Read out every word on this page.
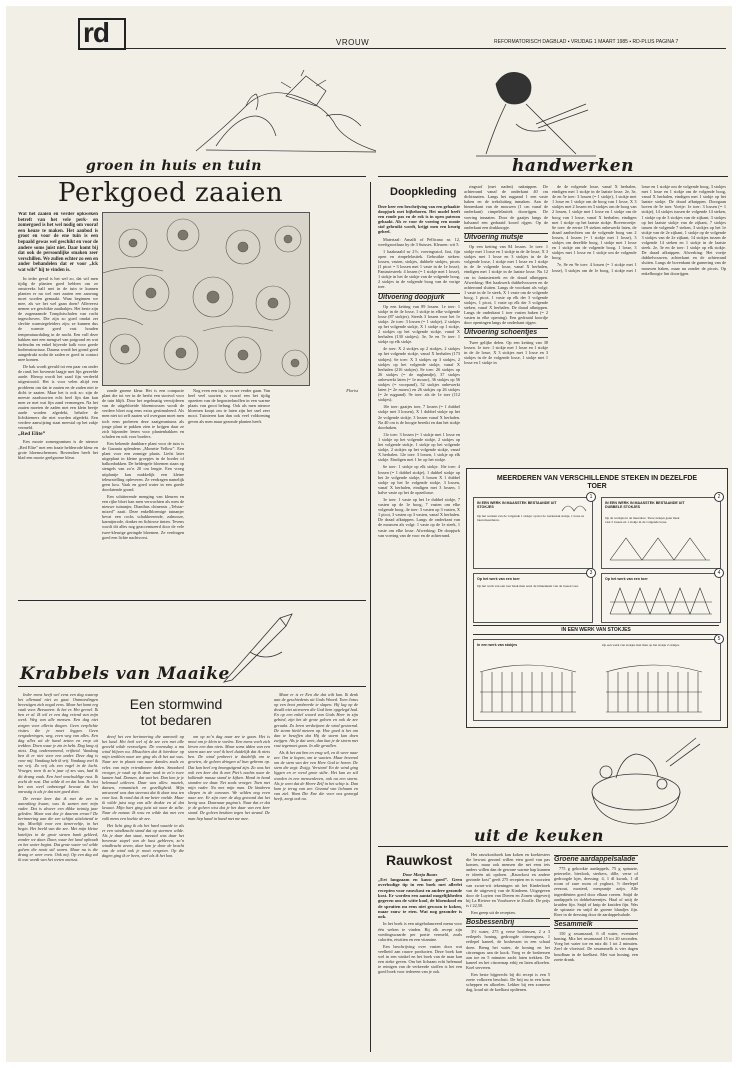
rd	VROUW	REFORMATORISCH DAGBLAD ▪ VRIJDAG 1 MAART 1985 ▪ RD-PLUS PAGINA 7
groen in huis en tuin
Perkgoed zaaien

Wat het zaaien en verder opkweken betreft van het vele perk- en zomergoed is het wel nodig om vooraf een keuze te maken. Het aanbod is groot en voor de ene tuin is een bepaald gewas wel geschikt en voor de andere soms juist niet. Daar komt bij dat ook de persoonlijke smaken zeer verschillen. We zullen echter zo een en ander behandelen dat er voor „lck wat wils” hij te vinden is.

In ieder geval is het wel zo, dat wil men tijdig de planten goed hebben om ze omstreeks half mei in de tuin te kunnen planten er nu wel met zaaien een aanvang moet worden gemaakt. Waar beginnen we mee, als we het wel gaan doen? Allereerst nemen we geschikte zaaibakjes. Het beste zijn de zogenaamde Tomplotschalen van rucht ingeschoven. Die zijn zo goed omdat zet slechte warmtegeleiders zijn; ze kunnen dus de warmte goed vast houden temperatuurdaling in de nacht. Een vull deze bakken met een mengsel van potgrond en wat turfmolm en enkel bijverde kalk voor goede bodemstructuur. Daarna wordt het grond goed aangedrukt zodat de zaden er goed in contact mee komen.

De bak wordt gevuld tot een paar cm onder de rand, het bovenste laagje met fijn gezeefde aarde. Hierop wordt het zaad fijn verdeeld uitgestrooid. Het is voor velen altijd een probleem om dat te zaaien en de zaden niet te dicht te zaaien. Maar het is ook zo: zijn de meeste zaadsoorten echt heel fijn dan kan men ze met wat fijn zand vermengen. Na het zaaien moeten de zaden met een klein beetje aarde worden afgedekt, behalve de lichtkiemers die niet worden afgedekt. Een verdere aanwijzing staat meestal op het zakje vermeld.

„Red Elite”

Een mooie zomergranium is de nieuwe „Red Elite” met een fraaie helderrode kleur en grote bloemschermen. Bovendien heeft het blad een mooie geelgroene kleur.

zonde groene kleur. Het is een compacte plant die tot ver in de herfst een stortvol voor de tuin blijft. Door het regelmatig verwijderen van de uitgebloeide bloemtrossen wordt de verdere bloei nog eens extra gestimuleerd. Als men niet tot zelf zaaien wil overgaan moet men toch eens proberen deze zaaigeraniums als jonge plant te pakken zien te krijgen daar ze zich bijzonder lenen voor plantenbakken en schalen en ook voor borders.

Een bekende dankbare plant voor de tuin is de Gazania splendens „Monette Yellow”. Een plant voor een zonnige plaats. Liefst later uitgeplant in kleine groepjes in de border of balkonbakken. De heldergele bloemen staan op stengels van zo’n 20 cm lengte. Een vroeg uitplantje kan makkelijk een kleine teleurstelling opleveren. Ze verdragen namelijk geen kou. Vaak en goed water in een goede doorlatende grond.

Een schitterende menging van kleuren en een rijke bloei kan men verwachten als men de nieuwe tuinanjer, Dianthus chinensis „Telstar-mixed” zaait. Deze enkelbloemige tuinanjer bevat een rocks schakkeerende, zalmroze, karmijnrode, donker en lichtrose tinten. Tevens wordt dit alles nog geaccentueerd door de vele twee-kleurige geringde bloemen. Ze verdragen goed een lichte nachtvorst.

Nog even een tip, voor we verder gaan. Van heel veel soorten is vooral een het tijdig opzetten van de begonierknollen in een warme plaats van groot belang. Ook als men nieuwe bloemen koopt om te laten zijn het snel zeer mooi. Tuinieren kan dan ook veel voldoening geven als men maar gezonde planten heeft.

Florist

handwerken
Doopkleding

Deze keer een beschrijving van een gehaakte doopjurk met bijbehoren. Het model heeft een ronde pas en de rok is in open patroon gehaakt. Als er voor de voering een mooie stof gebruikt wordt, krijgt men een keurig geheel.

Materiaal: Amalfi of Pellicano nr. 12, weeftgroothaar by de 3 Suisses. Kleuren: wit 5.

1 haaknaald nr 2½, voeringsstof, lint, fijn open en rimpelelastiek. Gebruikte steken: lossen, vasten, stokjes, dubbele stokjes, picots (1 picot = 3 lossen met 1 vaste in de 1e losse). Fantasiesteek: 4 lossen (= 1 stokje met 1 losse), 1 stokje in het 4e stokje van de volgende boog, 2 stokjes in de volgende boog van de vorige toer.

Uitvoering doopjurk

Op een ketting van 89 lossen. 1e toer: 1 stokje in de 4e losse, 1 stokje in elke volgende losse (87 stokjes). Steeds 3 lossen voor het 1e stokje. 2e toer: 3 lossen (= 1 stokje), 2 stokjes op het volgende stokje, X 1 stokje op 1 stokje, 2 stokjes op het volgende stokje, vanaf X herhalen (130 stokjes). 3e, 5e en 7e toer: 1 stokje op elk stokje.

4e toer: X 2 stokjes op 2 stokjes, 2 stokjes op het volgende stokje, vanaf X herhalen (173 stokjes). 6e toer: X 3 stokjes op 3 stokjes, 2 stokjes op het volgende stokje, vanaf X herhalen (216 stokjes). 8e toer: 26 stokjes op 26 stokjes (= de rugbandje), 37 stokjes onbewerkt laten (= 1e mouw), 36 stokjes op 56 stokjes (= voorpand), 52 stokjes onbewerkt laten (= 2e mouw) en 26 stokjes op 26 stokjes (= 2e rugpand). 9e toer: als de 1e toer (112 stokjes).

10e toer: gaatjes toer, 7 lossen (= 1 dubbel stokje met 3 lossen), X 1 dubbel stokje op het 2e volgende stokje, 3 lossen vanaf X herhalen. Na 40 cm is de hoogte bereikt en dan het stokje doorhaken.

11e toer: 3 lossen (= 1 stokje met 1 losse en 1 stokje op het volgende stokje, 2 stokjes op het volgende stokje, 1 stokje op het volgende stokje, 2 stokjes op het volgende stokje, vanaf X herhalen. 12e toer: 3 lossen, 1 stokje op elk stokje. Eindigen met 1 hv op het stokje.

6e toer: 1 stokje op elk stokje. 16e toer: 4 lossen (= 1 dubbel stokje), 1 dubbel stokje op het 2e volgende stokje, 3 lossen X 1 dubbel stokje op het 3e volgende stokje, 3 lossen, vanaf X herhalen, eindigen met 3 lossen, 1 halve vaste op het 4e opzetlosse.

3e toer: 1 vaste op het 1e dubbel stokje, 7 vasten op de 1e boog, 7 vasten om elke volgende boog. 4e toer: 3 vasten op 3 vasten, X 1 picot, 3 vasten op 3 vasten, vanaf X herhalen. De draad afknippen. Langs de onderkant van de mouwen als volgt: 1 vaste op de 1e steek, 1 vaste om elke losse. Afwerking: De doopjurk van voering van de voor en de achterrand.

ringstof (met naden) naknippen. De achterrand vanaf de onderkant 40 cm dichtnaaien. Langs het rugpand 1 een vaste haken en de treksluiting inmaken. Aan de binnenkant van de mouwen (1 cm vanaf de onderkant) rimpelelastiek doorrijgen. De voering innaaien. Door de gaatjes langs de halsrand een gedraaid koord rijgen. Op de onderkant een drukknopje.

Uitvoering mutsje

Op een ketting van 84 lossen. 1e toer: 1 stokje met 1 losse en 1 stokje in de 4e losse, X 3 stokjes met 1 losse en 3 stokjes in de 4e volgende losse, 1 stokje met 1 losse en 1 stokje in de 4e volgende losse, vanaf X herhalen, eindigen met 1 stokje in de laatste losse. Nu 12 cm in fantasiesteek en de draad afknippen. Afwerking: Het haakwerk dubbelvouwen en de achterrand sluiten. Langs de voorkant als volgt: 1 vaste in de 1e steek, X 1 vaste om de volgende boog, 1 picot, 1 vaste op elk der 3 volgende stokjes, 1 picot, 1 vaste op elk der 3 volgende steken, vanaf X herhalen. De draad afknippen. Langs de onderkant 1 toer vasten haken (= 2 vasten in elke opening). Een gedraaid koordje door openingen langs de onderkant rijgen.

Uitvoering schoentjes

Twee gelijke delen. Op een ketting van 38 lossen. 1e toer: 1 stokje met 1 losse en 1 stokje in de 4e losse, X 3 stokjes met 1 losse en 3 stokjes in de 4e volgende losse, 1 stokje met 1 losse en 1 stokje in

de 4e volgende losse, vanaf X herhalen, eindigen met 1 stokje in de laatste losse. 2e, 3e, 4e en 5e toer: 3 lossen (= 1 stokje), 1 stokje met 1 losse en 1 stokje om de boog van 1 losse, X 3 stokjes met 2 lossen en 3 stokjes om de boog van 2 lossen, 1 stokje met 1 losse en 1 stokje om de boog van 1 losse, vanaf X herhalen, eindigen met 1 stokje op het laatste stokje. Bovenvoetje: 6e toer: de eerste 19 steken onbewerkt laten, de draad aanhechten om de volgende boog van 2 lossen, 4 lossen (= 1 stokje met 1 losse), 3 stokjes om dezelfde boog, 1 stokje met 1 losse en 1 stokje om de volgende boog, 1 losse, 3 stokjes met 1 losse en 1 stokje om de volgende boog.

7e, 8e en 9e toer: 4 lossen (= 1 stokje met 1 losse), 3 stokjes om de 1e boog, 1 stokje met 1 losse en 1 stokje om de volgende boog, 3 stokjes met 1 losse en 1 stokje om de volgende boog, vanaf X herhalen, eindigen met 1 stokje op het laatste stokje. De draad afknippen. Doorgaan boven de 5e toer. Voetje: 1e toer: 3 lossen (= 1 stokje), 14 stokjes tussen de volgende 14 steken, 1 stokje op de 3 stokjes van de zijkant, 3 stokjes op het laatste stokje van de zijkant, 7 stokjes tussen de volgende 7 steken, 3 stokjes op het 1e stokje van de 2e zijkant, 1 stokje op de volgende 3 stokjes van de 2e zijkant, 14 stokjes tussen de volgende 14 steken en 1 stokje in de laatste steek. 2e, 3e en 4e toer: 1 stokje op elk stokje. De draad afknippen. Afwerking: Het voetje dubbelvouwen, achterkant en de achterrand sluiten. Langs de bovenkant de garnering van de mouwen haken, maar nu zonder de picots. Op enkelhoogte lint doorrijgen.

MEERDEREN VAN VERSCHILLENDE STEKEN IN DEZELFDE TOER
1
IN EEN WERK IN MAASSTEK BESTAANDE UIT STOKJES
Op het werken van de volgende 1 stokje: op het 2e werkstaak stokje, 1 losse ze laten meerderen.
2
IN EEN WERK IN MAASSTEK BESTAANDE UIT DUBBELE STOKJES
Op de werkjes in de meerdere. Twee stokjes gaan maar vast 2 lossen en 1 stokje in de volgende losse.
3
Op het werk van een toer
Op het werk van een toer haak men eerst de binnenkant van de lossen vast.
4
Op het werk van een toer
IN EEN WERK VAN STOKJES
5
In een werk van stokjes	Op een werk van stokjes met men op het stokje 2 stokjes.
Krabbels van Maaike

Ieder mens heeft wel eens een dag waarop het allemaal niet zo gaat. Ontmoedingen bevestigen zich nogal eens. Maar het komt erg vaak voor. Bezwaren: ik het er. Het gevoel. Ik ben er al. Ik wil er een dag vriend van mijn werk. Weg van alle mensen. Een dag niet zorgen voor alleria dingen. Geen verplichte visites die je moet leggen. Geen vergaderingen, weg, even weg van alles. Een dag alles uit de hand zetten en erop uit trekken. Doen waar je zin in hebt. Dag lang of niets. Dag ondernemend, vrijheid. Vandaag ben ik er niet voor een ander. Deze dag is voor mij. Vandaag heb ik vrij. Vandaag voel ik me vrij. Zo vrij als een vogel in de lucht. Vroeger, toen ik zo’n jaar of zes was, had ik dit drang vaak. Een heel onschuldige rust. Ik zocht de rust. Dat wilde ik en dat kon. Ik wist het van weel onbezorgd bewust dat het onrustig is als je dat niet goed doet.

De eerste keer dat ik met de zee in aanraking kwam, was ik samen met mijn vader. Dat is alweer een dikke twintig jaar geleden. Maar wat doe je daarom ervan? De herinnering aan die zee schijnt uitsluitend te zijn. Moeilijk voor een tienerveltje, in het begin. Het beeld van die zee. Met mijn kleine knieltjes in de grote stenen bank gekleed, zonder we daar. Daar, waar het land ophoudt en het water begint. Dat grote water vol wilde golven die nooit stil waren. Maar nu is die drang er weer even. Ook mij. Op een dag zal ik wat wordt van het weten ontrust.

Een stormwind
tot bedaren

dreef het een herinnering die aanvoelt op het land. Het leek wel of de zee een met alle geweld wilde verzwelgen. De woensday a ma wind blijven nu. Misschien dat ik hierdoor op mijn tenklein naar zee ging als ik het zat was. Naar zee in plaats van naar dansles zoals zo veles van mijn vriendinnen deden. Smaakvol vroeger, je vaak op ik daar vaak in zo’n twee kanten had. Dansen, dat wat het. Dan kon je je helemaal uitleven. Daar was alles: muziek, dansen, romantisch en gezelligheid. Mijn antwoord was dan steevast dat ik daar toss ten voor lust. Ik vond dat ik me beter voelde. Maar ik wilde juist nog van alle drukte en al dat lawaai. Mijn hart ging juist uit naar de stilte. Naar de natuur. Ik wou en wilde dat met een volk mens een koekie de zee.

Het licht ging ik als het hard waaide in als er een windkracht stond dat op stormen wilde. Als je daar dan staat, meestal was daar het bovenste stapel van de kust gebleven, zo’n windkracht zeven, daar kon je door de kracht van de wind ook je nooit vergeten. Op die dagen ging ik er heen, snel als ik het kon.

om op zo’n dag naar zee te gaan. Het is mooi om je klein te voelen. Een mens voelt zich lieven een dan niets. Maar soms idden van een storm aan zee voel ik heel duidelijk dat ik niets ben. De wind probeert te duidelijk om te groeien, de golven dringen al hun gebrom op. Dat kan heel erg beangstigend zijn. Zo was het ook een keer dat ik met Piet’s nachts naar de kolkende massa stond te kijken. Hand in hand stonden we daar. Net zoals vroeger. Toen met mijn vader. Nu met mijn man. De kinderen sliepen in de caravan. We wilden nog even naar zee. Er zijn over de dag getoond dat het hevig was. Daarnaar pagina’s. Naar dat er dat je de golven wist dat je het daar van een keer stond. De golven beukten tegen het strand. De man liep hand in hand met me mee.

Maar er is er Een die dat wilt kan. Ik denk aan de geschiedenis uit Gods Woord. Toen Jezus op een boot probeerde te slapen. Hij lag op de dwalk niet uitvoeren die God hem opgelegd had. En op een enkel woord van Gods Heer in zijn gebied, zijn het de grote golven en ook de zee geraakt. Zo leren verdwijnen de wind gestormd. De storm hield meteen op. Hoe goed is het om dan te beseffen dat Hij de storm kan doen zwijgen. Als je dat weet, dan kun je de storm met rust tegemoet gaan. In alle gevallen.

Als ik het zat ben en erug wil, en ik weer naar zee. Om te kopen, om te waaien. Maar bovenal om de stem van der een Here God te horen. De stem die zegt: Zwijg. Verstom! En de wind ging liggen en er werd grote stilte. Het kan zo stil worden in een mensenleven, ook na een storm. Als je weet dat de Heere Zelf in het schip is. Dan kom je terug van zee. Gezond van lichaam en van ziel. Want Die Ene die voor ons gezorgd heeft, zorgt ook nu.

uit de keuken
Rauwkost
Door Marja Baars

„Eet langzaam en kauw goed”. Geen overbodige tip in een boek met allerlei recepten voor rauwkost en andere gezonde kost. Er worden een aantal mogelijkheden gegeven om de witte kool, de bloemkool en de spruiten nu eens niet gewoon te koken, maar rauw te eten. Wat nog gezonder is ook.

In het boek is een uitgebalanceerd menu voor één weken te vinden. Bij elk recept zijn voedingswaarde per portie vermeld, zoals caloriën, eiwitten en een vitamine.

Een beschrijving over vasten door wat veelheid aan rauwe producten. Deze boek kan wel in een winkel en het boek van de man kan een zieke geven. Om het lichaam echt helemaal te reinigen van de verkeerde stoffen is het een goed boek voor iedereen van je ook.

Het rauwkostboek kan koken en koekiesters die bewust gezond willen eten goed van pas komen, maar ook mensen die net eens iets anders willen dan de gewone warme hap kunnen er ideeën uit opdoen. „Rauwkost en andere gezonde kost” geeft 275 recepten en is voorzien van zwart-wit tekeningen uit het Kinderboek van de uitgeverij van de Kinderen. Uitgegeven door de Luyten van Dieren en Zonen uitgeverij bij La Riviere en Voorhoeve te Zwolle. De prijs is f 22,50.

Een greep uit de recepten.

Bosbessenbrij

3½ water, 275 g verse bosbessen, 2 a 3 eetlepels honing, gedroogde citroengrass, 1 eetlepel kaneel, de bosbessen in een schaal doen. Breng het water, de honing en het citroengras aan de kook. Voeg er de bosbessen aan toe en 5 minuten zacht laten trekken. De kaneel en het citroensap erbij en laten afkoelen. Koel serveren.

Een beste bijgerecht bij dit recept is een 5 zoete volkoren beschuit. De brij nu in een kom scheppen en afkoelen. Lekker bij een zomerse dag, koud uit de koelkast opdienen.

Groene aardappelsalade

775 g gekookte aardappels, 75 g spinazie, peterselie, bieslook, sterkers, dille, verse of gedroogde kjer, dressing: 4, 1 dl kwark, 1 dl room of zure room of yoghurt, ½ theelepel zeezout, mosterd, mespuntje azijn. Alle ingrediënten goed door elkaar roeren. Snijd de aardappels in dobbelsteentjes. Haal of sniij de kruiden fijn. Snijd of knip de kruiden fijn. Was de spinazie en snijd de groene blaadjes fijn. Roer in de dressing door de aardappelsalade.

Sesammelk

150 g sesamzaad, 6 dl water, eventueel honing. Mix het sesamzaad 15 tot 20 seconden. Voeg het water toe en mix dit 1 tot 2 minuten. Zeef de vloeistof. De sesammelk is vier dagen houdbaar in de koelkast. Met wat honing, een zoete drank.
